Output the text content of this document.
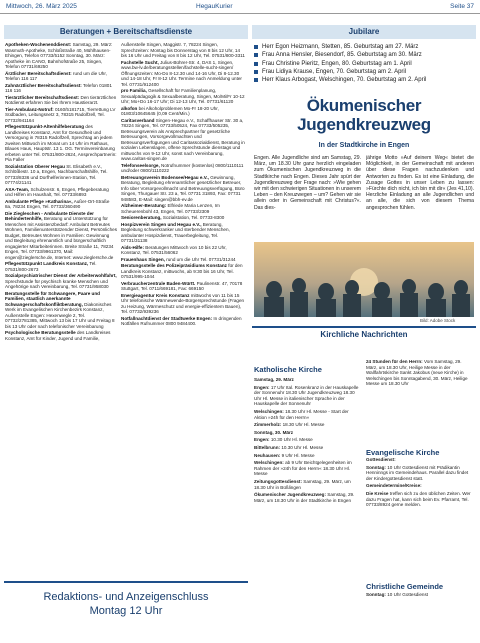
Mittwoch, 26. März 2025	HegauKurier	Seite 37
Beratungen + Bereitschaftsdienste

Apotheken-Wochenenddienst: Samstag, 29. März: Wasmuth-Apotheke, Schloßstraße 40, Mühlhausen-Ehingen, Telefon 07733/5152 Sonntag, 30. März: Apotheke im CANO, Bahnhofstraße 25, Singen, Telefon 07731/69250

Ärztlicher Bereitschaftsdienst: rund um die Uhr, Telefon 116 117

Zahnärztlicher Bereitschaftsdienst: Telefon 01801 116 116

Tierärztlicher Bereitschaftsdienst: Den tierärztlichen Notdienst erfahren Sie bei Ihrem Haustierarzt.

Tier-Ambulanz-Notruf: 0160/5181715, Tierrettung LV Südbaden, Leitungsnetz 3, 78315 Radolfzell, Tel. 07732/941164

Pflegestützpunkt-Altenhilfeberatung des Landkreises Konstanz, Amt für Gesundheit und Versorgung in 78315 Radolfzell, Sprechtag an jedem zweiten Mittwoch im Monat um 14 Uhr im Rathaus, Blaues Haus, Hauptstr. 13 1. OG. Terminvereinbarung erbeten unter Tel. 07531/800-2624, Ansprechpartnerin: Pia Faller

Sozialstation Oberer Hegau St. Elisabeth e.V., Schlößlestr. 10 a, Engen, Nachbarschaftshilfe, Tel. 07733/8336 und Dorfhelferinnen-Station, Tel. 07774/21141

AXA-Team, Schulzenstr. 6, Engen, Pflegeberatung und Hilfen im Haushalt, Tel. 07733/6893

Ambulante Pflege »Katharina«, Außer-Ort-Straße 8a, 78234 Engen, Tel. 07733/360490

Die Ziegleschen - Ambulante Dienste der Behindertenhilfe, Beratung und Unterstützung für Menschen mit Assistenzbedarf: Ambulant Betreutes Wohnen, Familienunterstützender Dienst, Persönliches Budget, Betreutes Wohnen in Familien: Gewinnung und Begleitung ehrenamtlich und bürgerschaftlich engagierter Mitarbeiterinnen. Breite Straße 11, 78234 Engen, Tel. 07733/9961370, Mail: engen@zieglersche.de, Internet: www.zieglersche.de

Pflegestützpunkt Landkreis Konstanz, Tel. 07531/800-2673

Sozialpsychiatrischer Dienst der Arbeiterwohlfahrt, Sprechstunde für psychisch kranke Menschen und Angehörige nach Vereinbarung, Tel. 07731/958030

Beratungsstelle für Schwangere, Paare und Familien, staatlich anerkannte Schwangerschaftskonfliktberatung, Diakonisches Werk im Evangelischen Kirchenbezirk Konstanz, Außenstelle Engen: Hexenwegle 2, Tel. 07732/2781385, Mittwoch 13 bis 17 Uhr und Freitag 8 bis 13 Uhr oder nach telefonischer Vereinbarung

Psychologische Beratungsstelle des Landkreises Konstanz, Amt für Kinder, Jugend und Familie,

Außenstelle Singen, Maggistr. 7, 78224 Singen, Sprechzeiten: Montag bis Donnerstag von 8 bis 12 Uhr, 14 bis 16 Uhr und Freitag von 8 bis 12 Uhr, Tel. 07531/800-3311

Fachstelle Sucht, Julius-Bührer-Str. 4, DAS 1, Singen, www.bw-lv.de/beratungsstellen/fachstelle-sucht-singen/ Öffnungszeiten: Mo-Do 8-12.30 und 14-16 Uhr, Di 8-12.30 und 14-18 Uhr, Fr 8-12 Uhr. Termine nach Anmeldung unter Tel. 07731/912400

pro Familia, Gesellschaft für Familienplanung, Sexualpädagogik & Sexualberatung, Singen, Mo/Mi/Fr 10-12 Uhr; Mo+Do 16-17 Uhr; Di 12-13 Uhr, Tel. 07731/61120

alkofon bei Alkoholproblemen Mo-Fr 18-20 Uhr, 01803/10645645 (0,09 Cent/Min.)

Caritasverband Singen-Hegau e.V., Schaffhauser Str. 30 a, 78224 Singen, Tel. 07733/50524, Fax 07733/505235, Betreuungsverein als Ansprechpartner für gesetzliche Betreuungen, Vorsorgevollmachten und Betreuungsverfügungen und Caritassozialdienst, Beratung in sozialen Lebenslagen, offene Sprechstunde dienstags und mittwochs von 9-12 Uhr, sonst nach Vereinbarung, www.caritas-singen.de

Telefonseelsorge, Notrufnummer (kostenlos) 0800/1110111 und/oder 0800/1110222

Betreuungsverein Bodensee/Hegau e.V., Gewinnung, Beratung, Begleitung ehrenamtlicher gesetzlicher Betreuer, Info über Vorsorgevollmacht und Betreuungsverfügung, Büro Singen, Thurgauer Str. 23 a, Tel. 07731 31893, Fax: 07731 948583, E-Mail: singen@bbh-ev.de

Alzheimer-Beratung: Elfriede Maria Lenzen, Im Scheuerenbohl 43, Engen, Tel. 07733/2309

Seniorenberatung, Sozialstation, Tel. 07733-8300

Hospizverein Singen und Hegau e.V., Beratung, Begleitung schwerkranker und sterbender Menschen, ambulanter Hospizdienst, Trauerbegleitung, Tel. 07731/31138

Aids-Hilfe: Beratungen Mittwoch von 10 bis 22 Uhr, Konstanz, Tel. 07531/56062

Frauenhaus Singen, rund um die Uhr Tel. 07731/31244

Beratungsstelle des Polizeipräsidiums Konstanz für den Landkreis Konstanz, mittwochs, ab 9:30 bis 16 Uhr, Tel. 07531/995-1044

Verbraucherzentrale Baden-Württ. Paulinenstr. 47, 70178 Stuttgart, Tel. 0711/669181, Fax: 669150

Energieagentur Kreis Konstanz mittwochs von 11 bis 15 Uhr telefonische Wärmewende-Bürgersprechstunde (Fragen zu Heizung, Wärmeschutz und energie-effizientem Bauen), Tel. 07732/939236

Notfallnachtdienst der Stadtwerke Engen: In dringenden Notfällen Rufnummer 0800 9484400.

Jubilare
Herr Egon Heizmann, Stetten, 85. Geburtstag am 27. März
Frau Anna Hensler, Biesendorf, 85. Geburtstag am 30. März
Frau Christine Pieritz, Engen, 80. Geburtstag am 1. April
Frau Lidiya Krause, Engen, 70. Geburtstag am 2. April
Herr Klaus Arbogast, Welschingen, 70. Geburtstag am 2. April
Ökumenischer
Jugendkreuzweg
In der Stadtkirche in Engen
Engen. Alle Jugendliche sind am Samstag, 29. März, um 18.30 Uhr ganz herzlich eingeladen zum Ökumenischen Jugendkreuzweg in die Stadtkirche nach Engen. Dieses Jahr spürt der Jugendkreuzweg der Frage nach: »Wie gehen wir mit den schwierigen Situationen in unserem Leben – den Kreuzwegen – um? Gehen wir sie allein oder in Gemeinschaft mit Christus?«. Das dies-
jährige Motto »Auf deinem Weg« bietet die Möglichkeit, in der Gemeinschaft mit anderen über diese Fragen nachzudenken und Antworten zu finden. Es ist eine Einladung, die Zusage Gottes in unser Leben zu lassen: »Fürchte dich nicht, ich bin mit dir« (Jes 41,10). Herzliche Einladung an alle Jugendlichen und an alle, die sich von diesem Thema angesprochen fühlen.
Bild: Adobe Stock
Kirchliche Nachrichten
Katholische Kirche

Samstag, 29. März

Engen: 17 Uhr Ital. Rosenkranz in der Hauskapelle der Sonnenuhr 18.30 Uhr Jugendkreuzweg 18.30 Uhr Hl. Messe in italienischer Sprache in der Hauskapelle der Sonnenuhr

Welschingen: 18.30 Uhr Hl. Messe - Start der Aktion »24h für den Herrn«

Zimmerholz: 18.30 Uhr Hl. Messe

Sonntag, 30. März

Engen: 10.30 Uhr Hl. Messe

Bittelbrunn: 10.30 Uhr Hl. Messe

Neuhausen: 9 Uhr Hl. Messe

Welschingen: ab 9 Uhr Beichtgelegenheiten im Rahmen der »24h für den Herrn« 18.30 Uhr Hl. Messe

Zeitungsgottesdienst: Samstag, 29. März, um 18.30 Uhr in Büßlingen

Ökumenischer Jugendkreuzweg: Samstag, 29. März, um 18.30 Uhr in der Stadtkirche in Engen

24 Stunden für den Herrn: Vom Samstag, 29. März, um 18.30 Uhr, Heilige Messe in der Wallfahrtskirche Sankt Jakobus (neue Kirche) in Welschingen bis Sonntagabend, 30. März, Heilige Messe um 18.30 Uhr

Evangelische Kirche

Gottesdienst:

Sonntag: 10 Uhr Gottesdienst mit Prädikantin Henninngs im Gemeindehaus. Parallel dazu findet der Kindergottesdienst statt.

Gemeindetermine/Kreise:

Die Kreise treffen sich zu den üblichen Zeiten. Wer dazu Fragen hat, kann sich beim Ev. Pfarramt, Tel. 07733/8924 gerne melden.

Christliche Gemeinde

Sonntag: 10 Uhr Gottesdienst

Redaktions- und Anzeigenschluss
Montag 12 Uhr
